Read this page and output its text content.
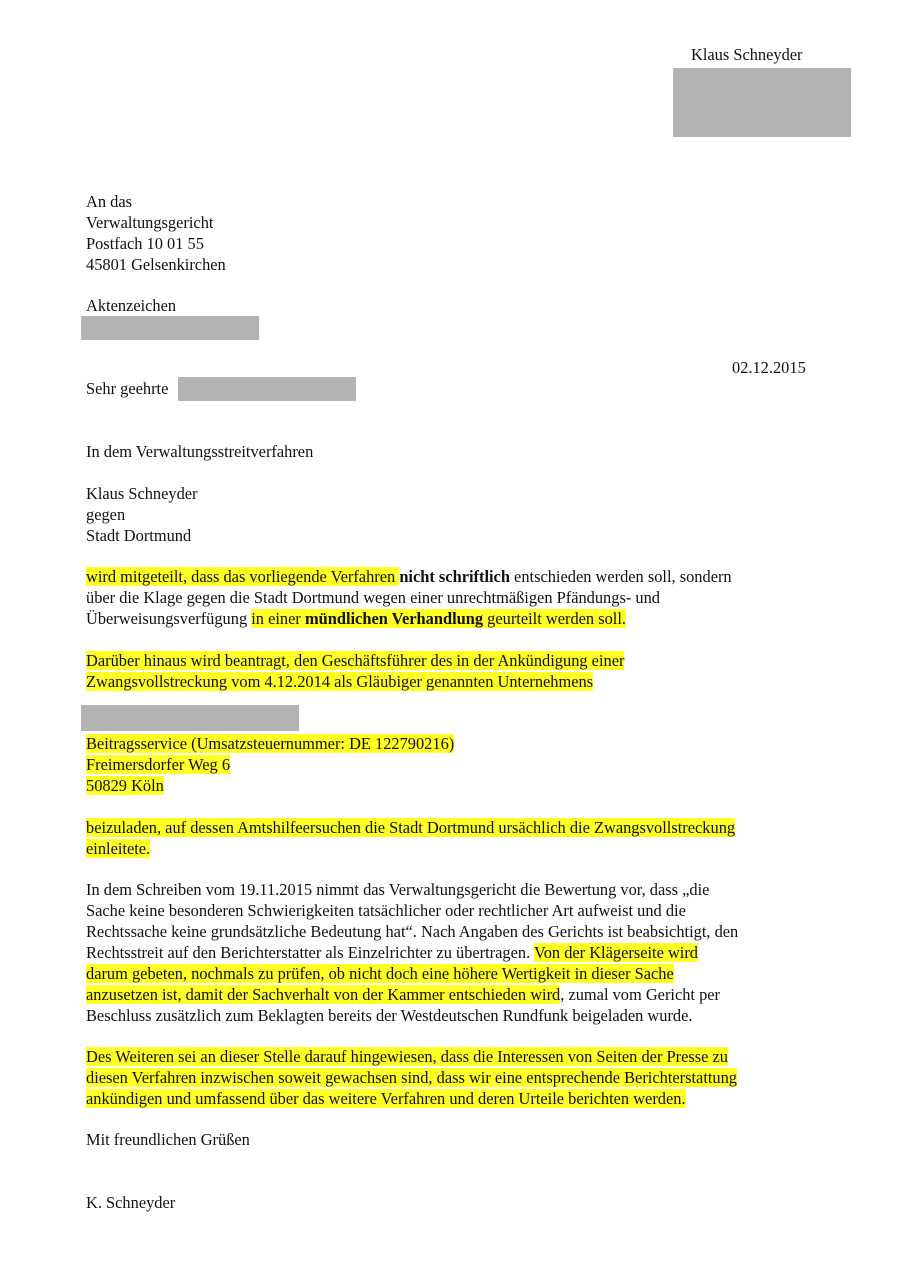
Klaus Schneyder
An das
Verwaltungsgericht
Postfach 10 01 55
45801 Gelsenkirchen
Aktenzeichen
02.12.2015
Sehr geehrte
In dem Verwaltungsstreitverfahren
Klaus Schneyder
gegen
Stadt Dortmund
wird mitgeteilt, dass das vorliegende Verfahren nicht schriftlich entschieden werden soll, sondern
über die Klage gegen die Stadt Dortmund wegen einer unrechtmäßigen Pfändungs- und
Überweisungsverfügung in einer mündlichen Verhandlung geurteilt werden soll.
Darüber hinaus wird beantragt, den Geschäftsführer des in der Ankündigung einer
Zwangsvollstreckung vom 4.12.2014 als Gläubiger genannten Unternehmens
Beitragsservice (Umsatzsteuernummer: DE 122790216)
Freimersdorfer Weg 6
50829 Köln
beizuladen, auf dessen Amtshilfeersuchen die Stadt Dortmund ursächlich die Zwangsvollstreckung
einleitete.
In dem Schreiben vom 19.11.2015 nimmt das Verwaltungsgericht die Bewertung vor, dass „die
Sache keine besonderen Schwierigkeiten tatsächlicher oder rechtlicher Art aufweist und die
Rechtssache keine grundsätzliche Bedeutung hat“. Nach Angaben des Gerichts ist beabsichtigt, den
Rechtsstreit auf den Berichterstatter als Einzelrichter zu übertragen. Von der Klägerseite wird
darum gebeten, nochmals zu prüfen, ob nicht doch eine höhere Wertigkeit in dieser Sache
anzusetzen ist, damit der Sachverhalt von der Kammer entschieden wird, zumal vom Gericht per
Beschluss zusätzlich zum Beklagten bereits der Westdeutschen Rundfunk beigeladen wurde.
Des Weiteren sei an dieser Stelle darauf hingewiesen, dass die Interessen von Seiten der Presse zu
diesen Verfahren inzwischen soweit gewachsen sind, dass wir eine entsprechende Berichterstattung
ankündigen und umfassend über das weitere Verfahren und deren Urteile berichten werden.
Mit freundlichen Grüßen
K. Schneyder
